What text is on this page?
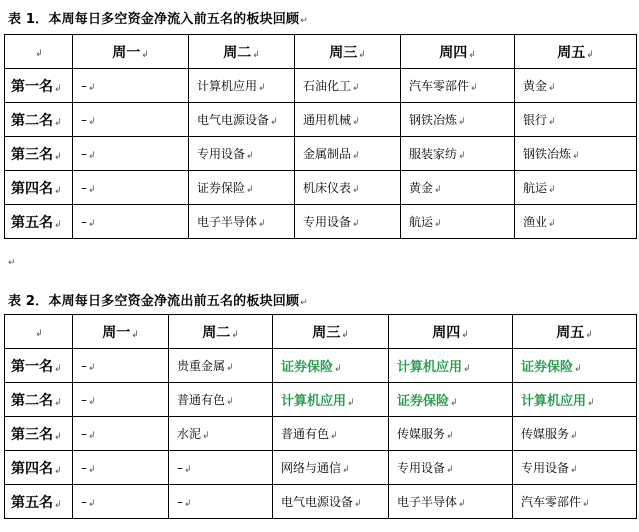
表 1．本周每日多空资金净流入前五名的板块回顾↵
↲	周一↲	周二↲	周三↲	周四↲	周五↲
第一名↲	–↲	计算机应用↲	石油化工↲	汽车零部件↲	黄金↲
第二名↲	–↲	电气电源设备↲	通用机械↲	钢铁冶炼↲	银行↲
第三名↲	–↲	专用设备↲	金属制品↲	服装家纺↲	钢铁冶炼↲
第四名↲	–↲	证券保险↲	机床仪表↲	黄金↲	航运↲
第五名↲	–↲	电子半导体↲	专用设备↲	航运↲	渔业↲
↵
表 2．本周每日多空资金净流出前五名的板块回顾↵
↲	周一↲	周二↲	周三↲	周四↲	周五↲
第一名↲	–↲	贵重金属↲	证券保险↲	计算机应用↲	证券保险↲
第二名↲	–↲	普通有色↲	计算机应用↲	证券保险↲	计算机应用↲
第三名↲	–↲	水泥↲	普通有色↲	传媒服务↲	传媒服务↲
第四名↲	–↲	–↲	网络与通信↲	专用设备↲	专用设备↲
第五名↲	–↲	–↲	电气电源设备↲	电子半导体↲	汽车零部件↲
